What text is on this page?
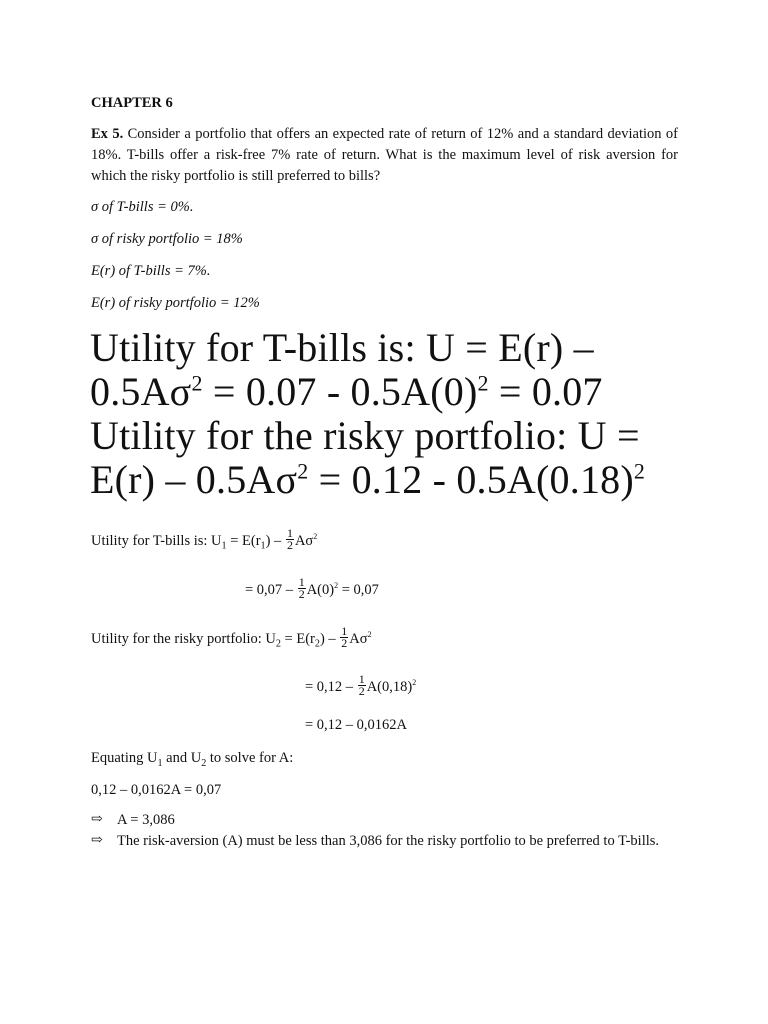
CHAPTER 6
Ex 5. Consider a portfolio that offers an expected rate of return of 12% and a standard deviation of 18%. T-bills offer a risk-free 7% rate of return. What is the maximum level of risk aversion for which the risky portfolio is still preferred to bills?
σ of T-bills = 0%.
σ of risky portfolio = 18%
E(r) of T-bills = 7%.
E(r) of risky portfolio = 12%
Utility for T-bills is: U = E(r) –
$0.5A\sigma^2 = 0.07 - 0.5A(0)^2 = 0.07$
Utility for the risky portfolio: U =
$E(r) - 0.5A\sigma^2 = 0.12 - 0.5A(0.18)^2$
Utility for T-bills is: $U_1 = E(r_1) - \frac{1}{2} A\sigma^2$
= $0,07 - \frac{1}{2} A(0)^2 = 0,07$
Utility for the risky portfolio: $U_2 = E(r_2) - \frac{1}{2} A\sigma^2$
= $0,12 - \frac{1}{2} A(0,18)^2$
= 0,12 – 0,0162A
Equating $U_1$ and $U_2$ to solve for A:
0,12 – 0,0162A = 0,07
⇨ A = 3,086
⇨ The risk-aversion (A) must be less than 3,086 for the risky portfolio to be preferred to T-bills.
